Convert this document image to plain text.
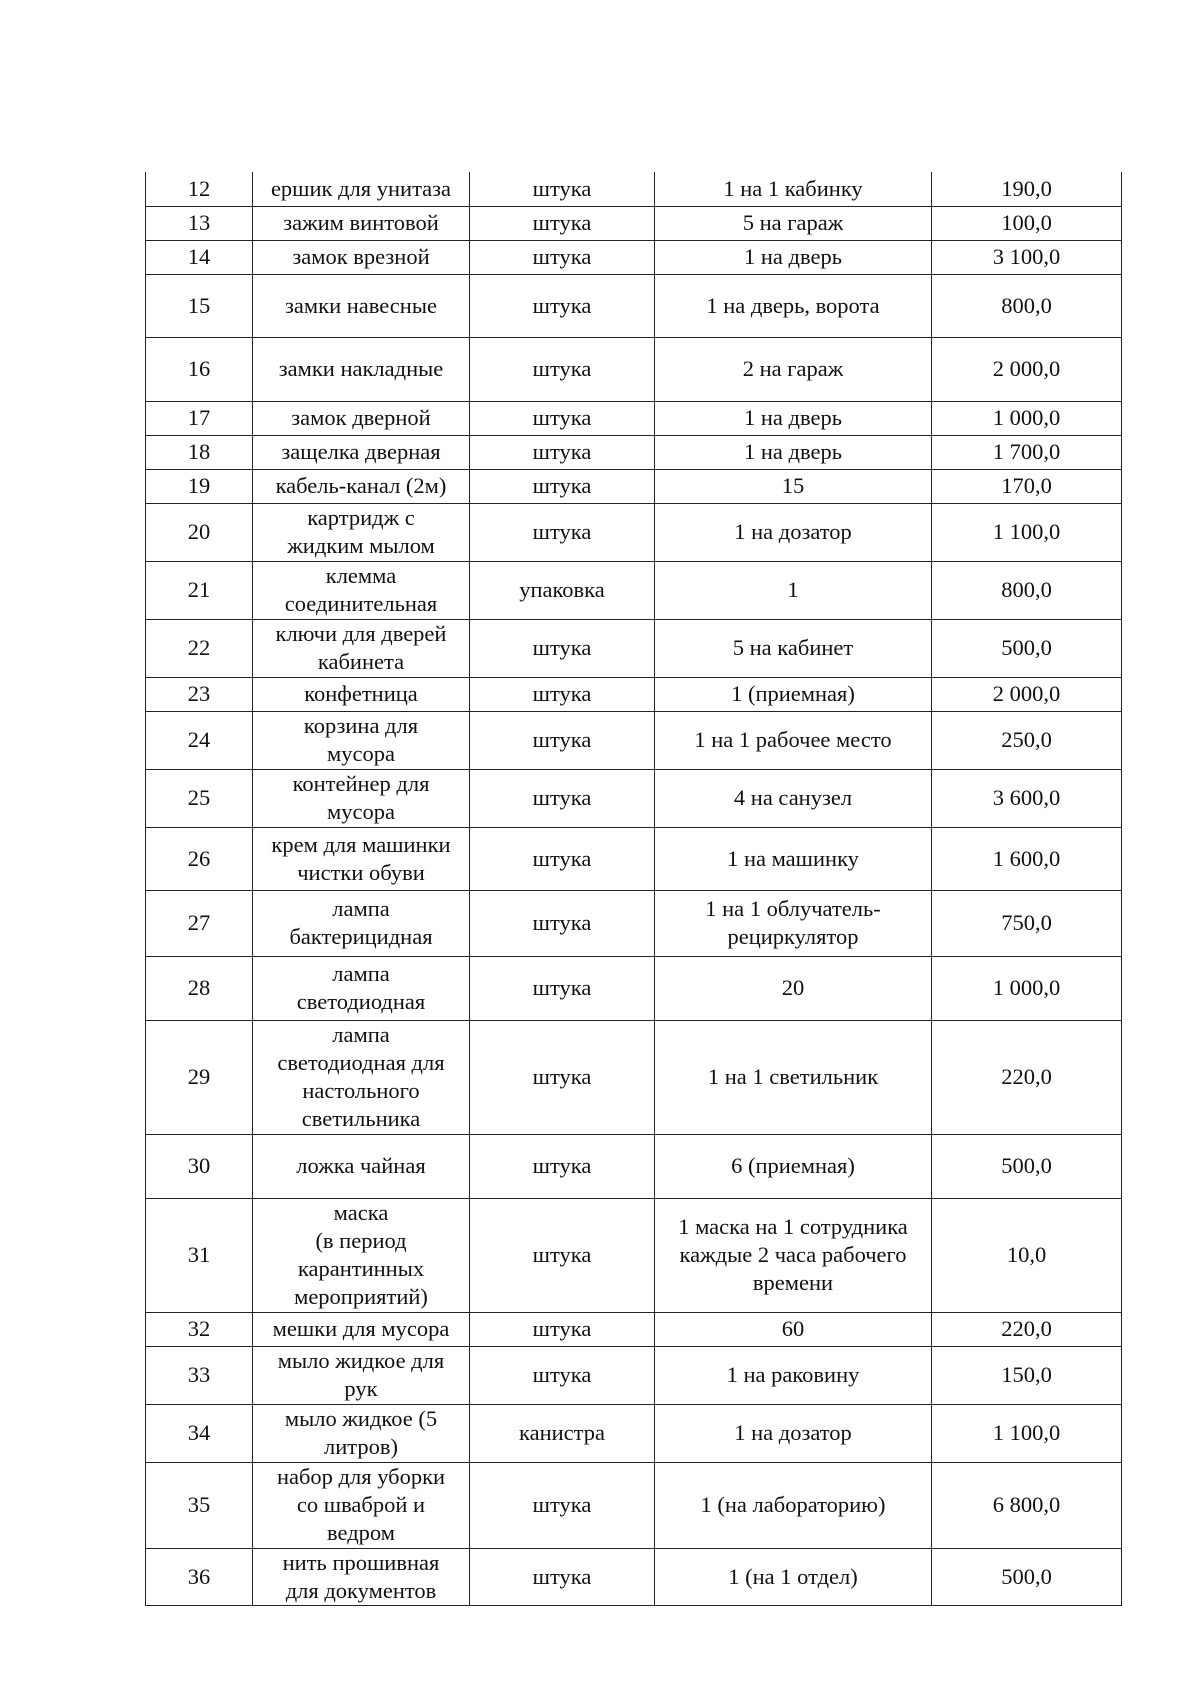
12	ершик для унитаза	штука	1 на 1 кабинку	190,0

13	зажим винтовой	штука	5 на гараж	100,0

14	замок врезной	штука	1 на дверь	3 100,0

15	замки навесные	штука	1 на дверь, ворота	800,0

16	замки накладные	штука	2 на гараж	2 000,0

17	замок дверной	штука	1 на дверь	1 000,0

18	защелка дверная	штука	1 на дверь	1 700,0

19	кабель-канал (2м)	штука	15	170,0

20	картридж с
жидким мылом	штука	1 на дозатор	1 100,0

21	клемма
соединительная	упаковка	1	800,0

22	ключи для дверей
кабинета	штука	5 на кабинет	500,0

23	конфетница	штука	1 (приемная)	2 000,0

24	корзина для
мусора	штука	1 на 1 рабочее место	250,0

25	контейнер для
мусора	штука	4 на санузел	3 600,0

26	крем для машинки
чистки обуви	штука	1 на машинку	1 600,0

27	лампа
бактерицидная	штука	1 на 1 облучатель-
рециркулятор	750,0

28	лампа
светодиодная	штука	20	1 000,0

29	лампа
светодиодная для
настольного
светильника	штука	1 на 1 светильник	220,0

30	ложка чайная	штука	6 (приемная)	500,0

31	маска
(в период
карантинных
мероприятий)	штука	1 маска на 1 сотрудника
каждые 2 часа рабочего
времени	10,0

32	мешки для мусора	штука	60	220,0

33	мыло жидкое для
рук	штука	1 на раковину	150,0

34	мыло жидкое (5
литров)	канистра	1 на дозатор	1 100,0

35	набор для уборки
со шваброй и
ведром	штука	1 (на лабораторию)	6 800,0

36	нить прошивная
для документов	штука	1 (на 1 отдел)	500,0
